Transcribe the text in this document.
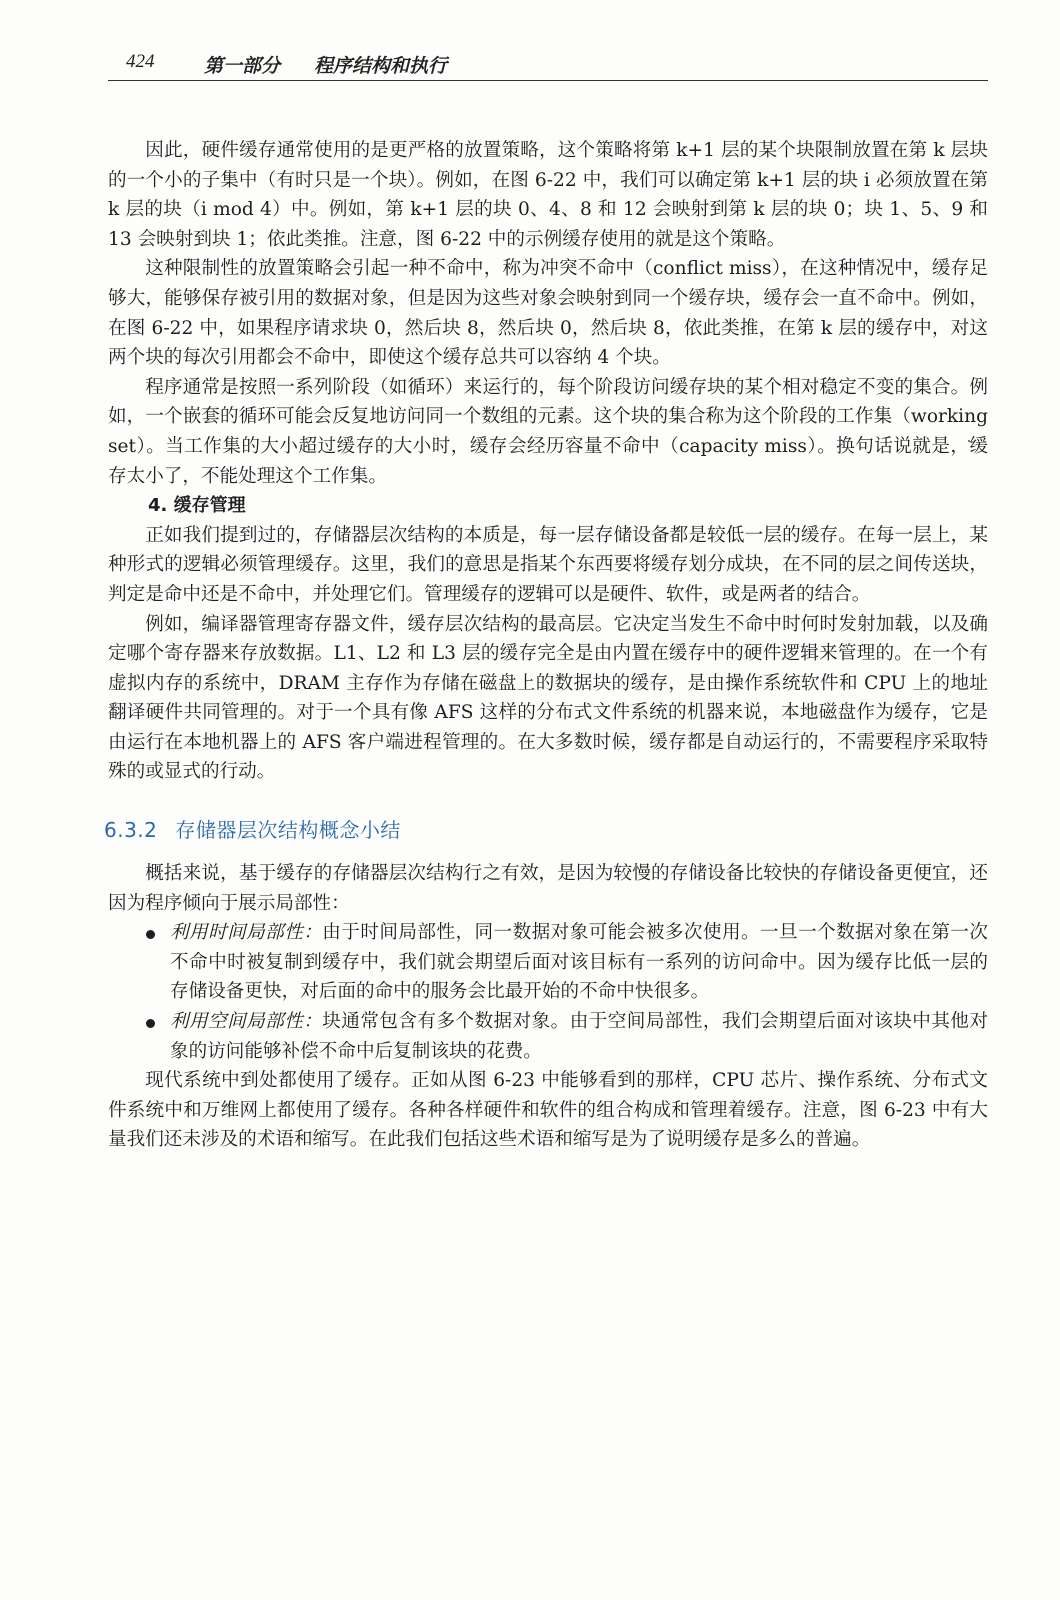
424	第一部分 程序结构和执行

因此，硬件缓存通常使用的是更严格的放置策略，这个策略将第 k+1 层的某个块限制放置在第 k 层块的一个小的子集中（有时只是一个块）。例如，在图 6-22 中，我们可以确定第 k+1 层的块 i 必须放置在第 k 层的块（i mod 4）中。例如，第 k+1 层的块 0、4、8 和 12 会映射到第 k 层的块 0；块 1、5、9 和 13 会映射到块 1；依此类推。注意，图 6-22 中的示例缓存使用的就是这个策略。

这种限制性的放置策略会引起一种不命中，称为冲突不命中（conflict miss），在这种情况中，缓存足够大，能够保存被引用的数据对象，但是因为这些对象会映射到同一个缓存块，缓存会一直不命中。例如，在图 6-22 中，如果程序请求块 0，然后块 8，然后块 0，然后块 8，依此类推，在第 k 层的缓存中，对这两个块的每次引用都会不命中，即使这个缓存总共可以容纳 4 个块。

程序通常是按照一系列阶段（如循环）来运行的，每个阶段访问缓存块的某个相对稳定不变的集合。例如，一个嵌套的循环可能会反复地访问同一个数组的元素。这个块的集合称为这个阶段的工作集（working set）。当工作集的大小超过缓存的大小时，缓存会经历容量不命中（capacity miss）。换句话说就是，缓存太小了，不能处理这个工作集。

4. 缓存管理

正如我们提到过的，存储器层次结构的本质是，每一层存储设备都是较低一层的缓存。在每一层上，某种形式的逻辑必须管理缓存。这里，我们的意思是指某个东西要将缓存划分成块，在不同的层之间传送块，判定是命中还是不命中，并处理它们。管理缓存的逻辑可以是硬件、软件，或是两者的结合。

例如，编译器管理寄存器文件，缓存层次结构的最高层。它决定当发生不命中时何时发射加载，以及确定哪个寄存器来存放数据。L1、L2 和 L3 层的缓存完全是由内置在缓存中的硬件逻辑来管理的。在一个有虚拟内存的系统中，DRAM 主存作为存储在磁盘上的数据块的缓存，是由操作系统软件和 CPU 上的地址翻译硬件共同管理的。对于一个具有像 AFS 这样的分布式文件系统的机器来说，本地磁盘作为缓存，它是由运行在本地机器上的 AFS 客户端进程管理的。在大多数时候，缓存都是自动运行的，不需要程序采取特殊的或显式的行动。

6.3.2 存储器层次结构概念小结

概括来说，基于缓存的存储器层次结构行之有效，是因为较慢的存储设备比较快的存储设备更便宜，还因为程序倾向于展示局部性：

利用时间局部性：由于时间局部性，同一数据对象可能会被多次使用。一旦一个数据对象在第一次不命中时被复制到缓存中，我们就会期望后面对该目标有一系列的访问命中。因为缓存比低一层的存储设备更快，对后面的命中的服务会比最开始的不命中快很多。
利用空间局部性：块通常包含有多个数据对象。由于空间局部性，我们会期望后面对该块中其他对象的访问能够补偿不命中后复制该块的花费。

现代系统中到处都使用了缓存。正如从图 6-23 中能够看到的那样，CPU 芯片、操作系统、分布式文件系统中和万维网上都使用了缓存。各种各样硬件和软件的组合构成和管理着缓存。注意，图 6-23 中有大量我们还未涉及的术语和缩写。在此我们包括这些术语和缩写是为了说明缓存是多么的普遍。
